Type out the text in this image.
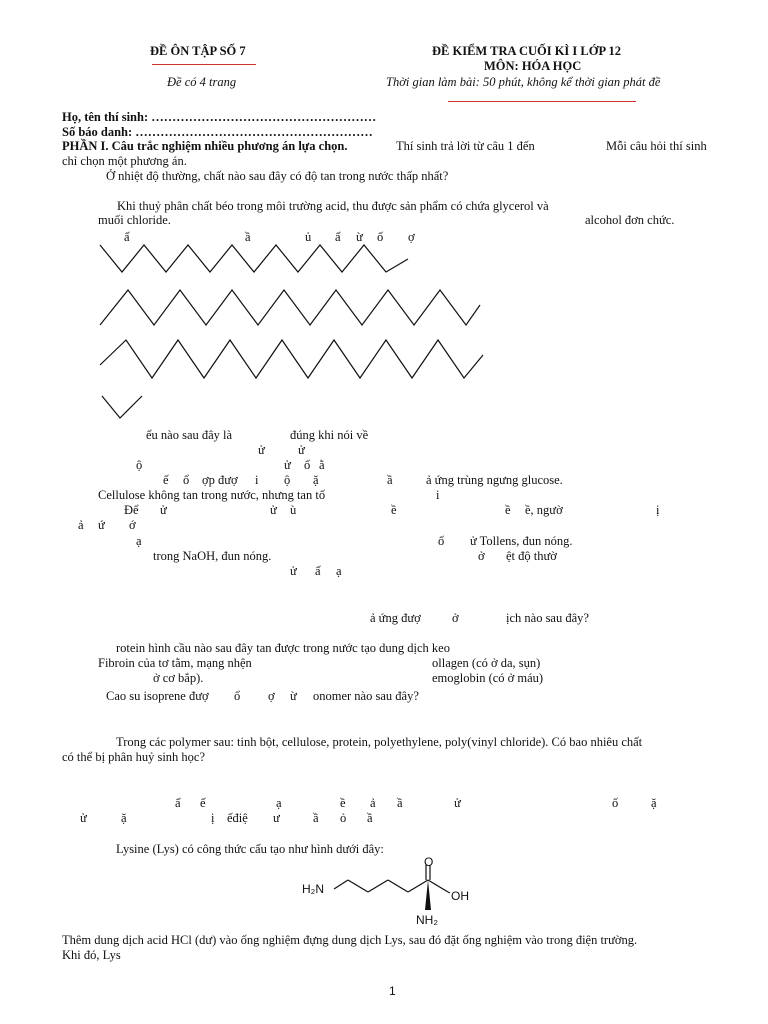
ĐỀ ÔN TẬP SỐ 7
Đề có 4 trang
ĐỀ KIỂM TRA CUỐI KÌ I LỚP 12
MÔN: HÓA HỌC
Thời gian làm bài: 50 phút, không kể thời gian phát đề
Họ, tên thí sinh: ………………………………………………
Số báo danh: …………………………………………………
PHẦN I. Câu trắc nghiệm nhiều phương án lựa chọn.	Thí sinh trả lời từ câu 1 đến	Mỗi câu hỏi thí sinh
chỉ chọn một phương án.
Ở nhiệt độ thường, chất nào sau đây có độ tan trong nước thấp nhất?
Khi thuỷ phân chất béo trong môi trường acid, thu được sản phẩm có chứa glycerol và
muối chloride.	alcohol đơn chức.
ấ	ầ	ủ ấ ừ ố ợ
ểu nào sau đây là	đúng khi nói về
ử	ử
ộ	ử ố ằ
ế ổ ợp đượ i ộ ặ	ầ	ả ứng trùng ngưng glucose.
Cellulose không tan trong nước, nhưng tan tố	i
Để ử	ử ù	ề	ề ề, ngườ	ị
ả ứ ớ
ạ	ố ử Tollens, đun nóng.
trong NaOH, đun nóng.	ở ệt độ thườ
ử ấ ạ
ả ứng đượ	ở	ịch nào sau đây?
rotein hình cầu nào sau đây tan được trong nước tạo dung dịch keo
Fibroin của tơ tằm, mạng nhện	ollagen (có ở da, sụn)
ở cơ bắp).	emoglobin (có ở máu)
Cao su isoprene đượ ổ ợ ừ onomer nào sau đây?
Trong các polymer sau: tinh bột, cellulose, protein, polyethylene, poly(vinyl chloride). Có bao nhiêu chất
có thể bị phân huỷ sinh học?
ấ ế	ạ	ề ả ầ	ử	ố	ặ
ử	ặ	ị ếđiệ ư	ầ ỏ ầ
Lysine (Lys) có công thức cấu tạo như hình dưới đây:
H₂N
O
OH
NH₂
Thêm dung dịch acid HCl (dư) vào ống nghiệm đựng dung dịch Lys, sau đó đặt ống nghiệm vào trong điện trường.
Khi đó, Lys
1
